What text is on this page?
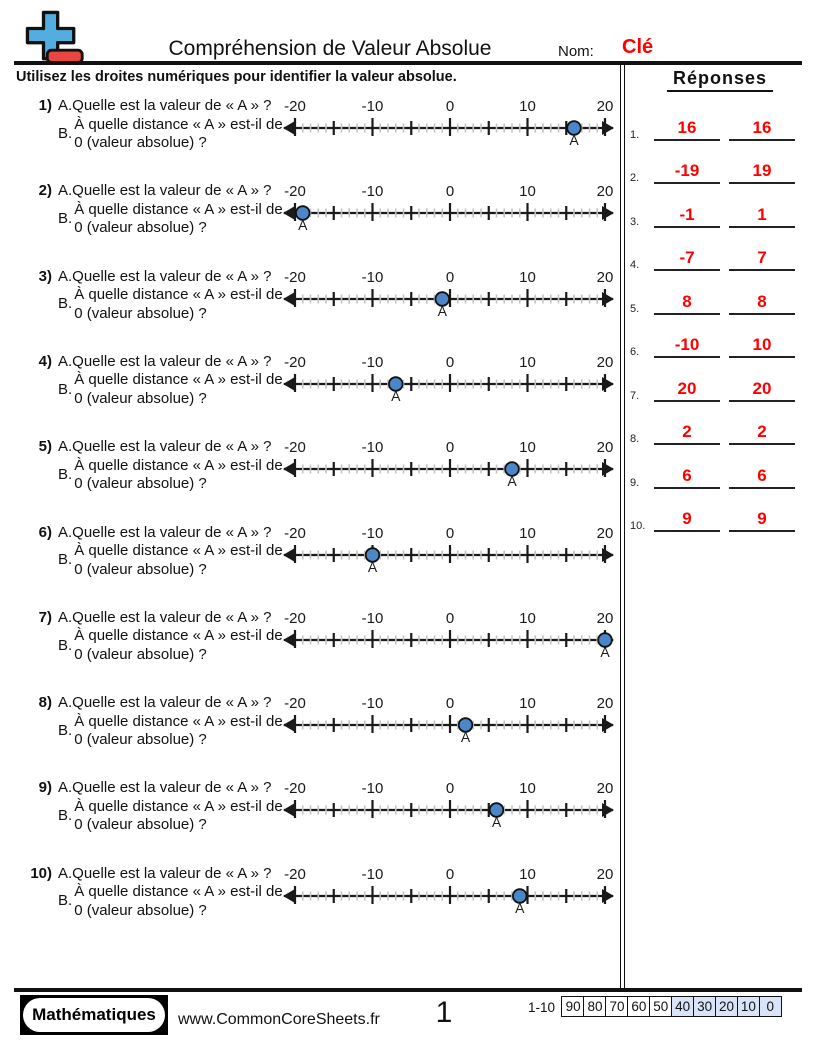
Compréhension de Valeur Absolue	Nom: Clé
Utilisez les droites numériques pour identifier la valeur absolue.
1) A.Quelle est la valeur de « A » ?
B.
À quelle distance « A » est-il de
0 (valeur absolue) ?
-20	-10	0	10	20
A
2) A.Quelle est la valeur de « A » ?
B.
À quelle distance « A » est-il de
0 (valeur absolue) ?
-20	-10	0	10	20
A
3) A.Quelle est la valeur de « A » ?
B.
À quelle distance « A » est-il de
0 (valeur absolue) ?
-20	-10	0	10	20
A
4) A.Quelle est la valeur de « A » ?
B.
À quelle distance « A » est-il de
0 (valeur absolue) ?
-20	-10	0	10	20
A
5) A.Quelle est la valeur de « A » ?
B.
À quelle distance « A » est-il de
0 (valeur absolue) ?
-20	-10	0	10	20
A
6) A.Quelle est la valeur de « A » ?
B.
À quelle distance « A » est-il de
0 (valeur absolue) ?
-20	-10	0	10	20
A
7) A.Quelle est la valeur de « A » ?
B.
À quelle distance « A » est-il de
0 (valeur absolue) ?
-20	-10	0	10	20
A
8) A.Quelle est la valeur de « A » ?
B.
À quelle distance « A » est-il de
0 (valeur absolue) ?
-20	-10	0	10	20
A
9) A.Quelle est la valeur de « A » ?
B.
À quelle distance « A » est-il de
0 (valeur absolue) ?
-20	-10	0	10	20
A
10) A.Quelle est la valeur de « A » ?
B.
À quelle distance « A » est-il de
0 (valeur absolue) ?
-20	-10	0	10	20
A
Réponses
1.	16	16
2.	-19	19
3.	-1	1
4.	-7	7
5.	8	8
6.	-10	10
7.	20	20
8.	2	2
9.	6	6
10.	9	9
Mathématiques	www.CommonCoreSheets.fr	1	1-10 90 80 70 60 50 40 30 20 10 0
